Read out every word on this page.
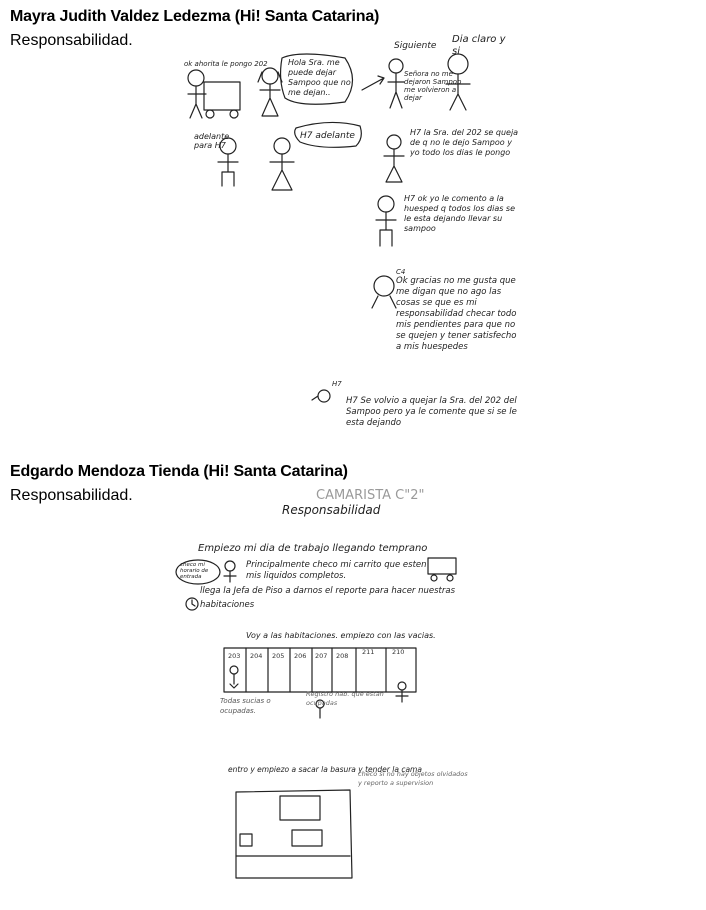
Mayra Judith Valdez Ledezma (Hi! Santa Catarina)
Responsabilidad.
ok ahorita le pongo 202	Hola Sra. me puede dejar Sampoo que no me dejan..
Siguiente
Dia claro y si
Señora no me dejaron Sampoo me volvieron a dejar
adelante para H7
H7 adelante	H7 la Sra. del 202 se queja de q no le dejo Sampoo y yo todo los dias le pongo
H7 ok yo le comento a la huesped q todos los dias se le esta dejando llevar su sampoo
C4
Ok gracias no me gusta que me digan que no ago las cosas se que es mi responsabilidad checar todo mis pendientes para que no se quejen y tener satisfecho a mis huespedes
H7
H7 Se volvio a quejar la Sra. del 202 del Sampoo pero ya le comente que si se le esta dejando
Edgardo Mendoza Tienda (Hi! Santa Catarina)
Responsabilidad.	CAMARISTA C"2"
Responsabilidad
Empiezo mi dia de trabajo llegando temprano
checo mi horario de entrada
Principalmente checo mi carrito que esten mis liquidos completos.
llega la Jefa de Piso a darnos el reporte para hacer nuestras habitaciones
Voy a las habitaciones. empiezo con las vacias.
203 204 205 206 207 208 211	210
Todas sucias o ocupadas.
Registro hab. que estan ocupadas
entro y empiezo a sacar la basura y tender la cama
checo si no hay objetos olvidados y reporto a supervision
